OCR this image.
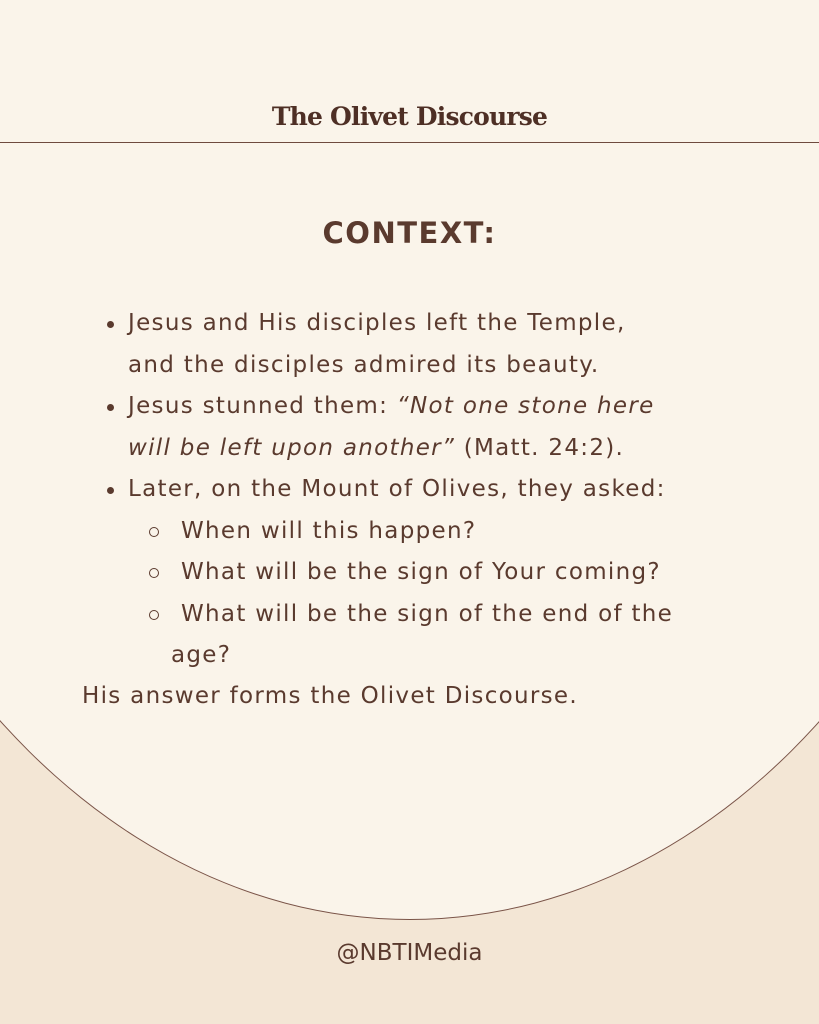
The Olivet Discourse
CONTEXT:
Jesus and His disciples left the Temple,
and the disciples admired its beauty.
Jesus stunned them: “Not one stone here
will be left upon another” (Matt. 24:2).
Later, on the Mount of Olives, they asked:
When will this happen?
What will be the sign of Your coming?
What will be the sign of the end of the
age?
His answer forms the Olivet Discourse.
@NBTIMedia
